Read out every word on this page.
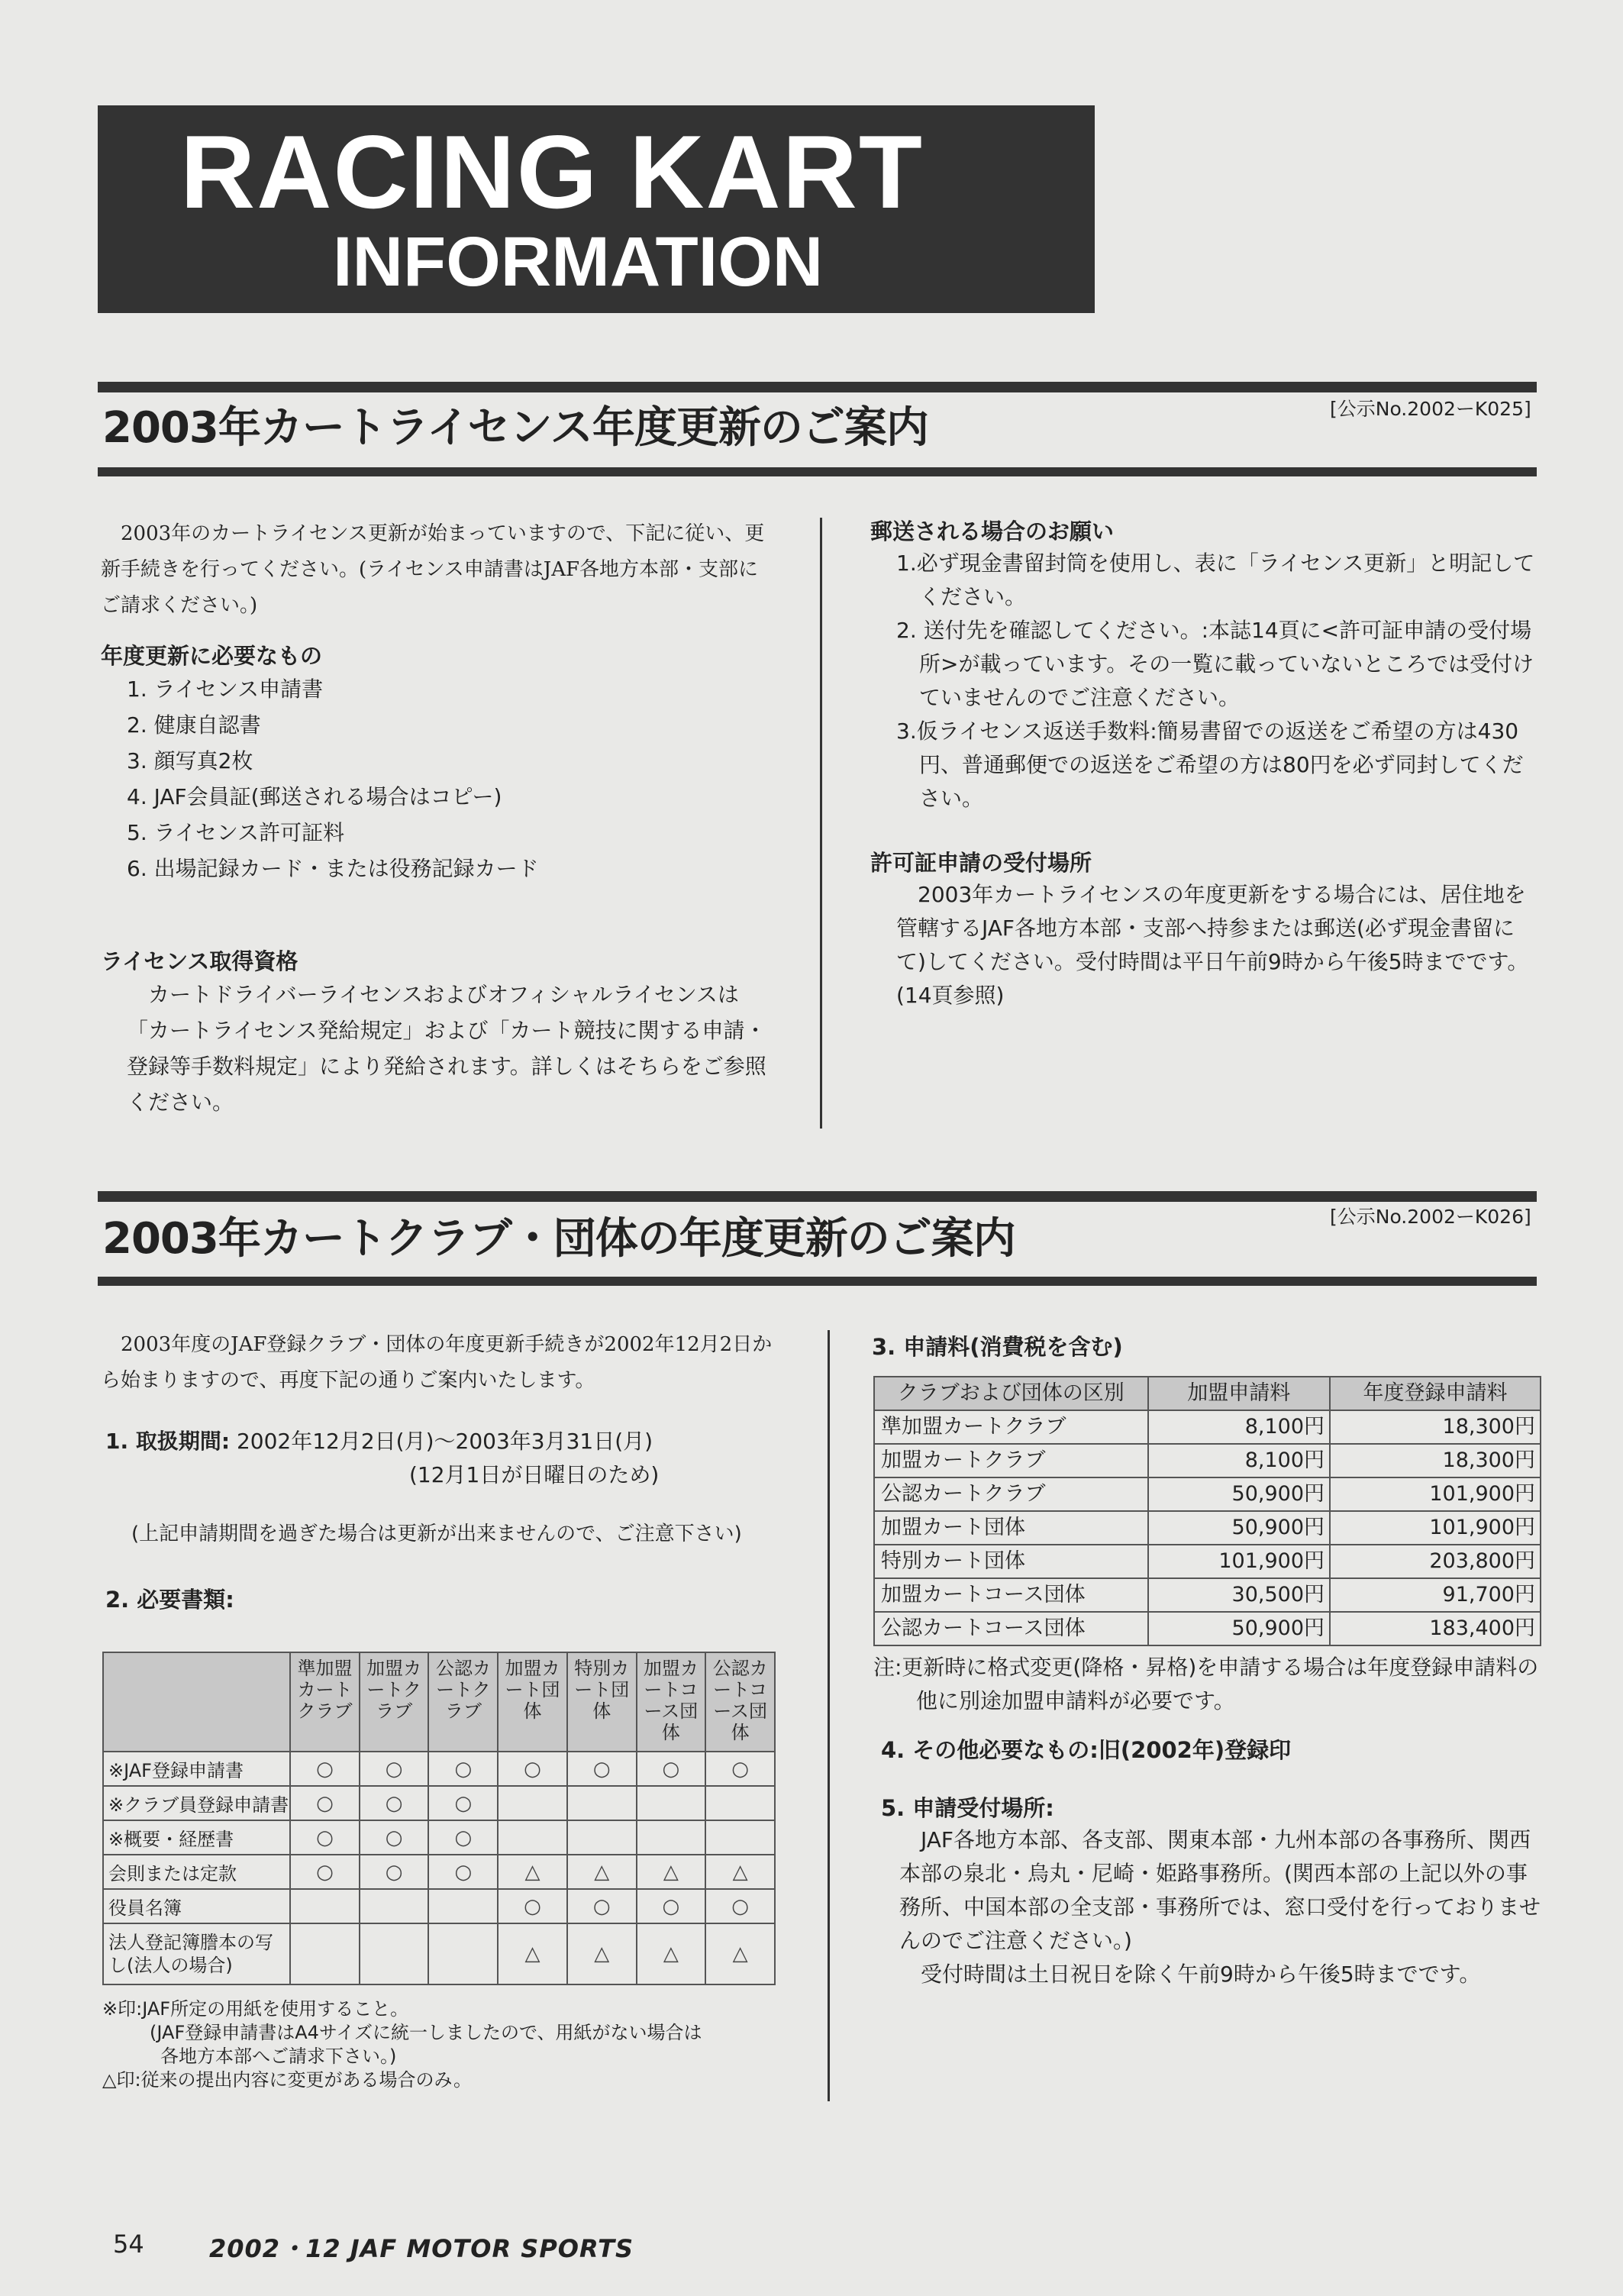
RACING KART
INFORMATION
2003年カートライセンス年度更新のご案内	[公示No.2002ーK025]
2003年のカートライセンス更新が始まっていますので、下記に従い、更新手続きを行ってください。(ライセンス申請書はJAF各地方本部・支部にご請求ください。)
年度更新に必要なもの
1. ライセンス申請書
2. 健康自認書
3. 顔写真2枚
4. JAF会員証(郵送される場合はコピー)
5. ライセンス許可証料
6. 出場記録カード・または役務記録カード
ライセンス取得資格
カートドライバーライセンスおよびオフィシャルライセンスは「カートライセンス発給規定」および「カート競技に関する申請・登録等手数料規定」により発給されます。詳しくはそちらをご参照ください。
郵送される場合のお願い
1.必ず現金書留封筒を使用し、表に「ライセンス更新」と明記してください。
2. 送付先を確認してください。:本誌14頁に<許可証申請の受付場所>が載っています。その一覧に載っていないところでは受付けていませんのでご注意ください。
3.仮ライセンス返送手数料:簡易書留での返送をご希望の方は430円、普通郵便での返送をご希望の方は80円を必ず同封してください。
許可証申請の受付場所
2003年カートライセンスの年度更新をする場合には、居住地を管轄するJAF各地方本部・支部へ持参または郵送(必ず現金書留にて)してください。受付時間は平日午前9時から午後5時までです。(14頁参照)
2003年カートクラブ・団体の年度更新のご案内	[公示No.2002ーK026]
2003年度のJAF登録クラブ・団体の年度更新手続きが2002年12月2日から始まりますので、再度下記の通りご案内いたします。
1. 取扱期間: 2002年12月2日(月)〜2003年3月31日(月)
(12月1日が日曜日のため)
(上記申請期間を過ぎた場合は更新が出来ませんので、ご注意下さい)
2. 必要書類:
	準加盟カートクラブ	加盟カートクラブ	公認カートクラブ	加盟カート団体	特別カート団体	加盟カートコース団体	公認カートコース団体
※JAF登録申請書	○	○	○	○	○	○	○
※クラブ員登録申請書	○	○	○				
※概要・経歴書	○	○	○				
会則または定款	○	○	○	△	△	△	△
役員名簿				○	○	○	○
法人登記簿謄本の写し(法人の場合)				△	△	△	△
※印:JAF所定の用紙を使用すること。
(JAF登録申請書はA4サイズに統一しましたので、用紙がない場合は
各地方本部へご請求下さい。)
△印:従来の提出内容に変更がある場合のみ。
3. 申請料(消費税を含む)
クラブおよび団体の区別	加盟申請料	年度登録申請料
準加盟カートクラブ	8,100円	18,300円
加盟カートクラブ	8,100円	18,300円
公認カートクラブ	50,900円	101,900円
加盟カート団体	50,900円	101,900円
特別カート団体	101,900円	203,800円
加盟カートコース団体	30,500円	91,700円
公認カートコース団体	50,900円	183,400円
注:更新時に格式変更(降格・昇格)を申請する場合は年度登録申請料の他に別途加盟申請料が必要です。
4. その他必要なもの:旧(2002年)登録印
5. 申請受付場所:
JAF各地方本部、各支部、関東本部・九州本部の各事務所、関西本部の泉北・烏丸・尼崎・姫路事務所。(関西本部の上記以外の事務所、中国本部の全支部・事務所では、窓口受付を行っておりませんのでご注意ください。)
受付時間は土日祝日を除く午前9時から午後5時までです。
54	2002・12 JAF MOTOR SPORTS
